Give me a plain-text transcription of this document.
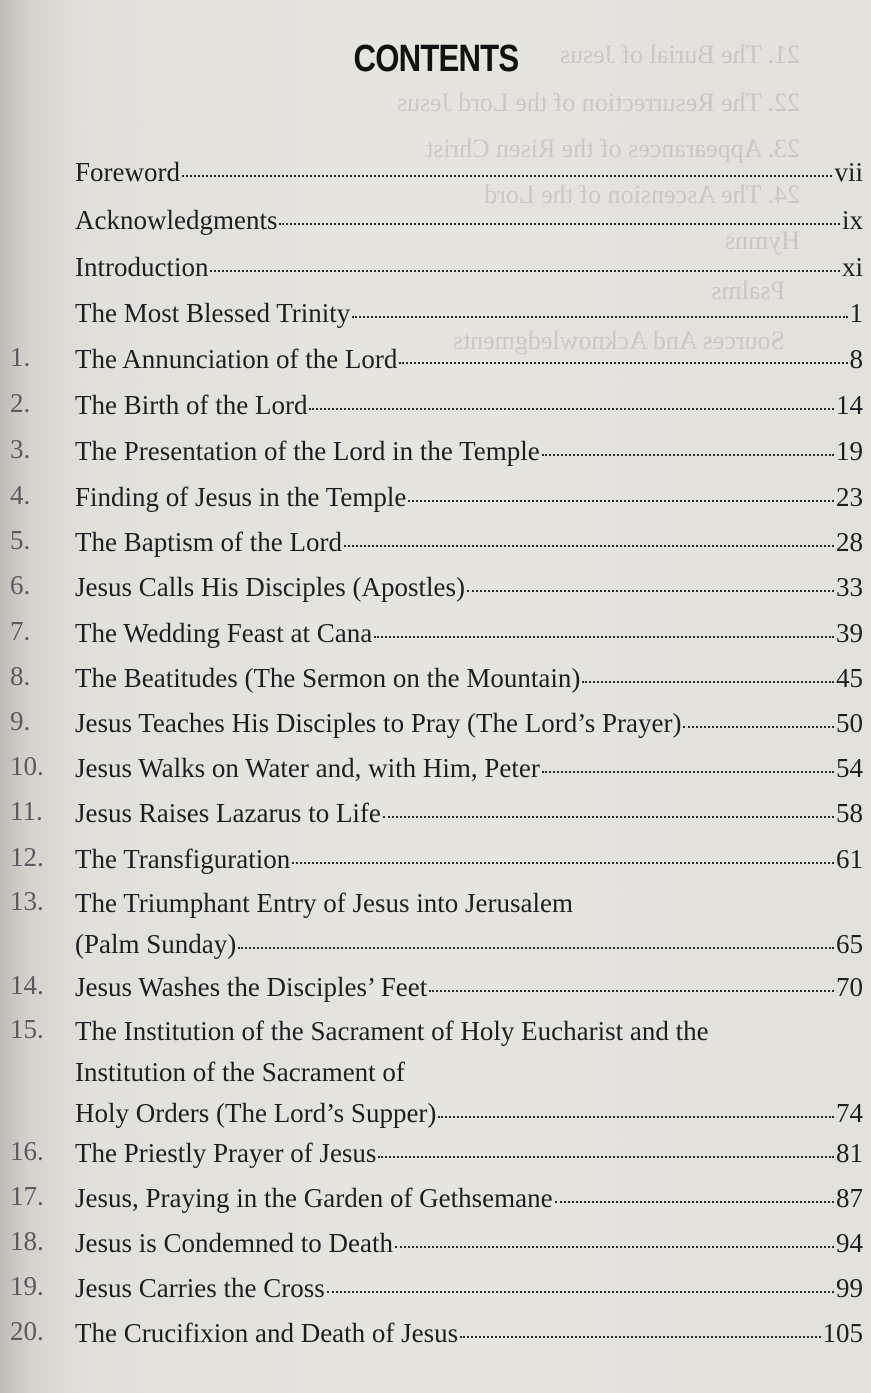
21. The Burial of Jesus
22. The Resurrection of the Lord Jesus
23. Appearances of the Risen Christ
24. The Ascension of the Lord
Hymns
Psalms
Sources And Acknowledgments
CONTENTS
Foreword	vii
Acknowledgments	ix
Introduction	xi
The Most Blessed Trinity	1
1.	The Annunciation of the Lord	8
2.	The Birth of the Lord	14
3.	The Presentation of the Lord in the Temple	19
4.	Finding of Jesus in the Temple	23
5.	The Baptism of the Lord	28
6.	Jesus Calls His Disciples (Apostles)	33
7.	The Wedding Feast at Cana	39
8.	The Beatitudes (The Sermon on the Mountain)	45
9.	Jesus Teaches His Disciples to Pray (The Lord’s Prayer)	50
10.	Jesus Walks on Water and, with Him, Peter	54
11.	Jesus Raises Lazarus to Life	58
12.	The Transfiguration	61
13.	The Triumphant Entry of Jesus into Jerusalem
(Palm Sunday)	65
14.	Jesus Washes the Disciples’ Feet	70
15.	The Institution of the Sacrament of Holy Eucharist and the
Institution of the Sacrament of
Holy Orders (The Lord’s Supper)	74
16.	The Priestly Prayer of Jesus	81
17.	Jesus, Praying in the Garden of Gethsemane	87
18.	Jesus is Condemned to Death	94
19.	Jesus Carries the Cross	99
20.	The Crucifixion and Death of Jesus	105
